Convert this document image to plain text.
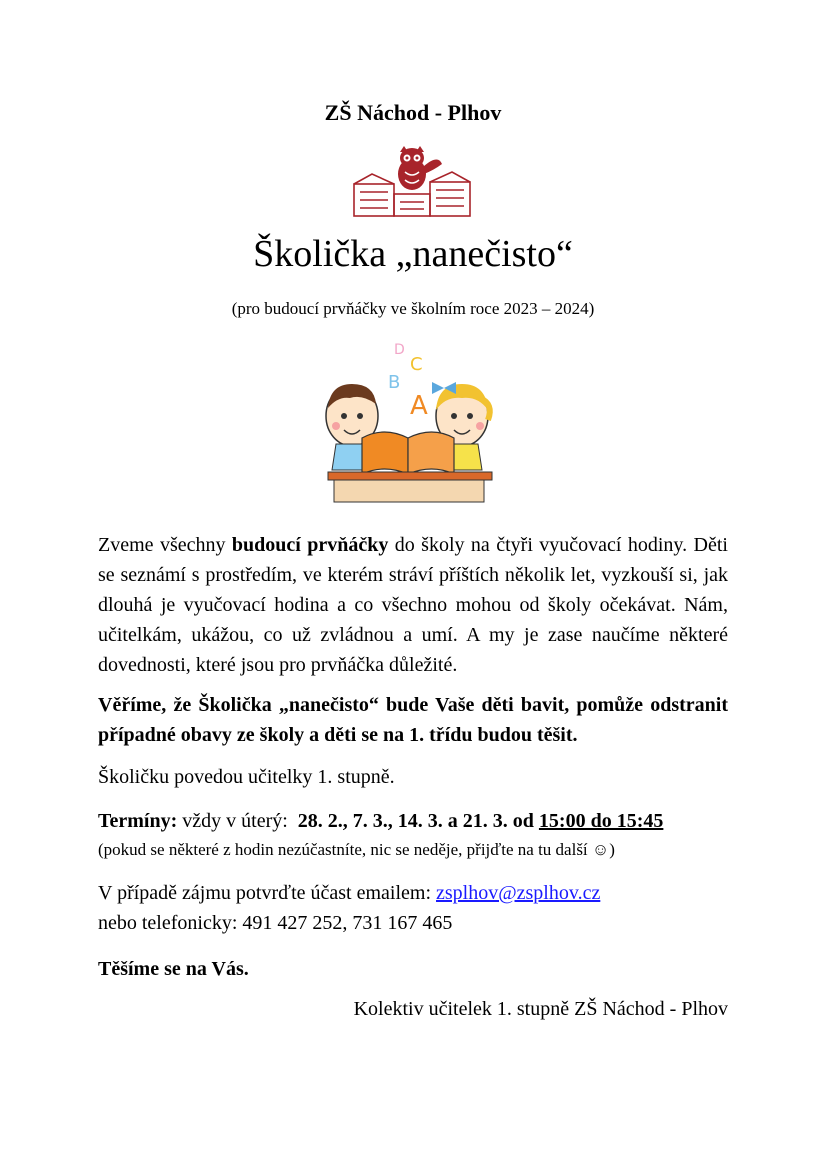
ZŠ Náchod - Plhov
Školička „nanečisto“
(pro budoucí prvňáčky ve školním roce 2023 – 2024)
D
C
B
A
Zveme všechny budoucí prvňáčky do školy na čtyři vyučovací hodiny. Děti se seznámí s prostředím, ve kterém stráví příštích několik let, vyzkouší si, jak dlouhá je vyučovací hodina a co všechno mohou od školy očekávat. Nám, učitelkám, ukážou, co už zvládnou a umí. A my je zase naučíme některé dovednosti, které jsou pro prvňáčka důležité.
Věříme, že Školička „nanečisto“ bude Vaše děti bavit, pomůže odstranit případné obavy ze školy a děti se na 1. třídu budou těšit.
Školičku povedou učitelky 1. stupně.
Termíny: vždy v úterý:  28. 2., 7. 3., 14. 3. a 21. 3. od 15:00 do 15:45
(pokud se některé z hodin nezúčastníte, nic se neděje, přijďte na tu další ☺)
V případě zájmu potvrďte účast emailem: zsplhov@zsplhov.cz
nebo telefonicky: 491 427 252, 731 167 465
Těšíme se na Vás.
Kolektiv učitelek 1. stupně ZŠ Náchod - Plhov
